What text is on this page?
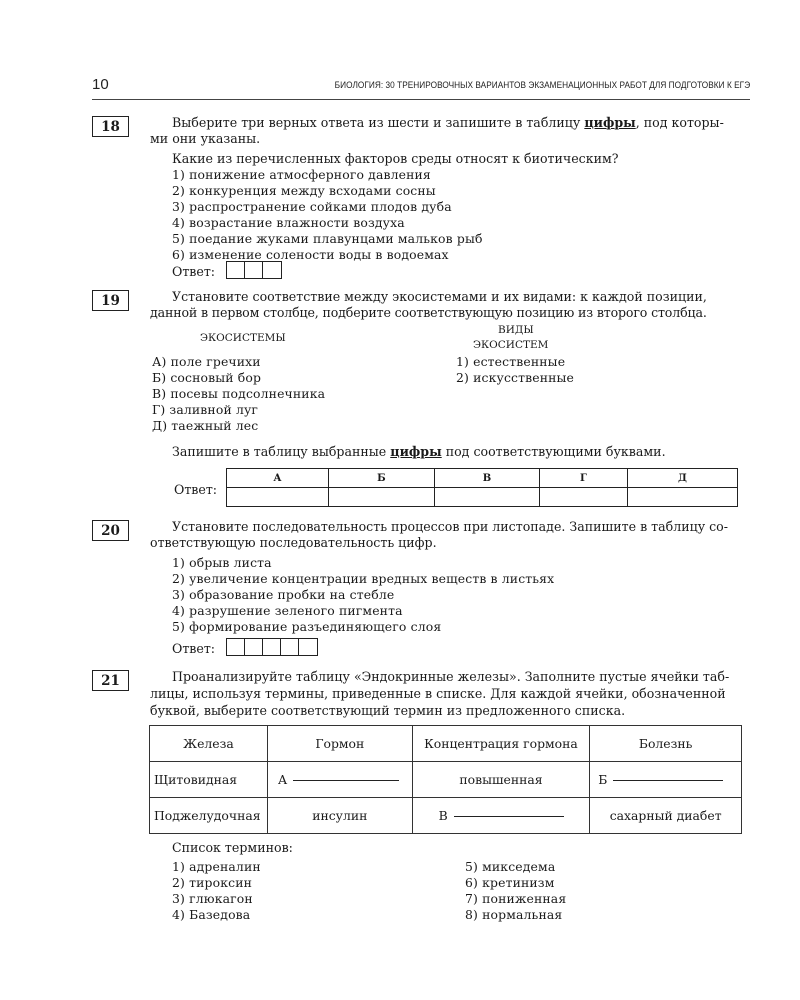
10	БИОЛОГИЯ: 30 ТРЕНИРОВОЧНЫХ ВАРИАНТОВ ЭКЗАМЕНАЦИОННЫХ РАБОТ ДЛЯ ПОДГОТОВКИ К ЕГЭ
18	Выберите три верных ответа из шести и запишите в таблицу цифры, под которы-
ми они указаны.
Какие из перечисленных факторов среды относят к биотическим?
1) понижение атмосферного давления
2) конкуренция между всходами сосны
3) распространение сойками плодов дуба
4) возрастание влажности воздуха
5) поедание жуками плавунцами мальков рыб
6) изменение солености воды в водоемах
Ответ:
19	Установите соответствие между экосистемами и их видами: к каждой позиции,
данной в первом столбце, подберите соответствующую позицию из второго столбца.
ЭКОСИСТЕМЫ
ВИДЫ
ЭКОСИСТЕМ
А) поле гречихи
Б) сосновый бор
В) посевы подсолнечника
Г) заливной луг
Д) таежный лес
1) естественные
2) искусственные
Запишите в таблицу выбранные цифры под соответствующими буквами.
Ответ:
А	Б	В	Г	Д

20	Установите последовательность процессов при листопаде. Запишите в таблицу со-
ответствующую последовательность цифр.
1) обрыв листа
2) увеличение концентрации вредных веществ в листьях
3) образование пробки на стебле
4) разрушение зеленого пигмента
5) формирование разъединяющего слоя
Ответ:
21	Проанализируйте таблицу «Эндокринные железы». Заполните пустые ячейки таб-
лицы, используя термины, приведенные в списке. Для каждой ячейки, обозначенной
буквой, выберите соответствующий термин из предложенного списка.
Железа	Гормон	Концентрация гормона	Болезнь
Щитовидная	А	повышенная	Б
Поджелудочная	инсулин	В	сахарный диабет
Список терминов:
1) адреналин
2) тироксин
3) глюкагон
4) Базедова
5) микседема
6) кретинизм
7) пониженная
8) нормальная
